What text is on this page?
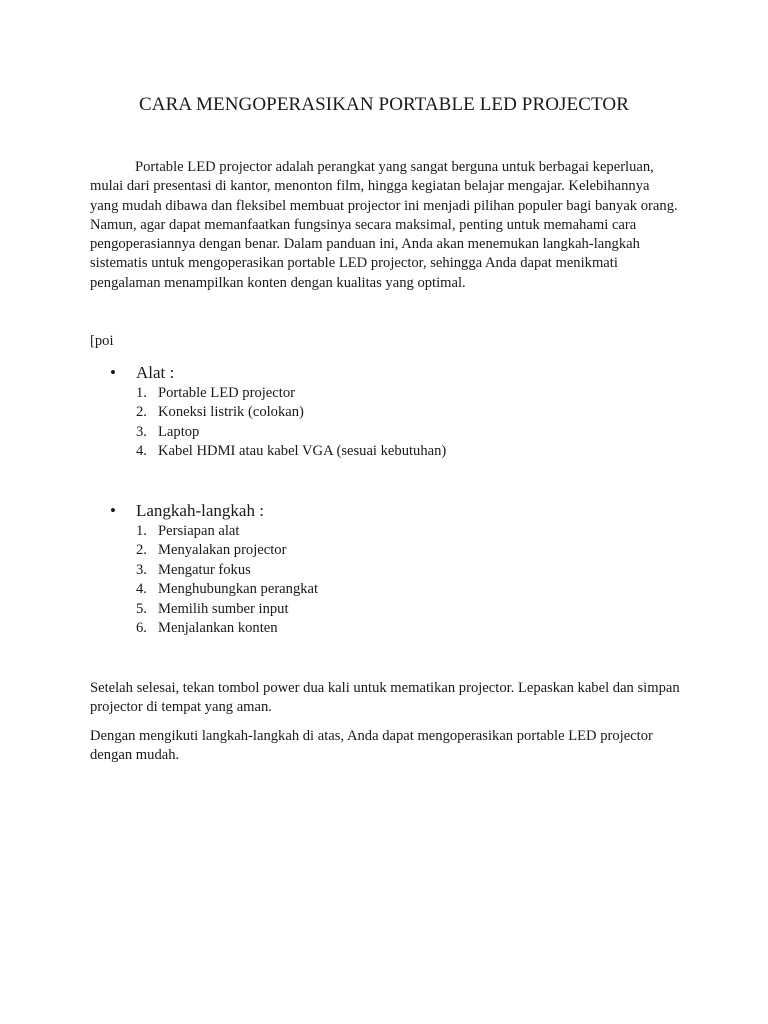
CARA MENGOPERASIKAN PORTABLE LED PROJECTOR

Portable LED projector adalah perangkat yang sangat berguna untuk berbagai keperluan, mulai dari presentasi di kantor, menonton film, hingga kegiatan belajar mengajar. Kelebihannya yang mudah dibawa dan fleksibel membuat projector ini menjadi pilihan populer bagi banyak orang. Namun, agar dapat memanfaatkan fungsinya secara maksimal, penting untuk memahami cara pengoperasiannya dengan benar. Dalam panduan ini, Anda akan menemukan langkah-langkah sistematis untuk mengoperasikan portable LED projector, sehingga Anda dapat menikmati pengalaman menampilkan konten dengan kualitas yang optimal.

[poi
• Alat :
1. Portable LED projector
2. Koneksi listrik (colokan)
3. Laptop
4. Kabel HDMI atau kabel VGA (sesuai kebutuhan)
• Langkah-langkah :
1. Persiapan alat
2. Menyalakan projector
3. Mengatur fokus
4. Menghubungkan perangkat
5. Memilih sumber input
6. Menjalankan konten

Setelah selesai, tekan tombol power dua kali untuk mematikan projector. Lepaskan kabel dan simpan projector di tempat yang aman.

Dengan mengikuti langkah-langkah di atas, Anda dapat mengoperasikan portable LED projector dengan mudah.
